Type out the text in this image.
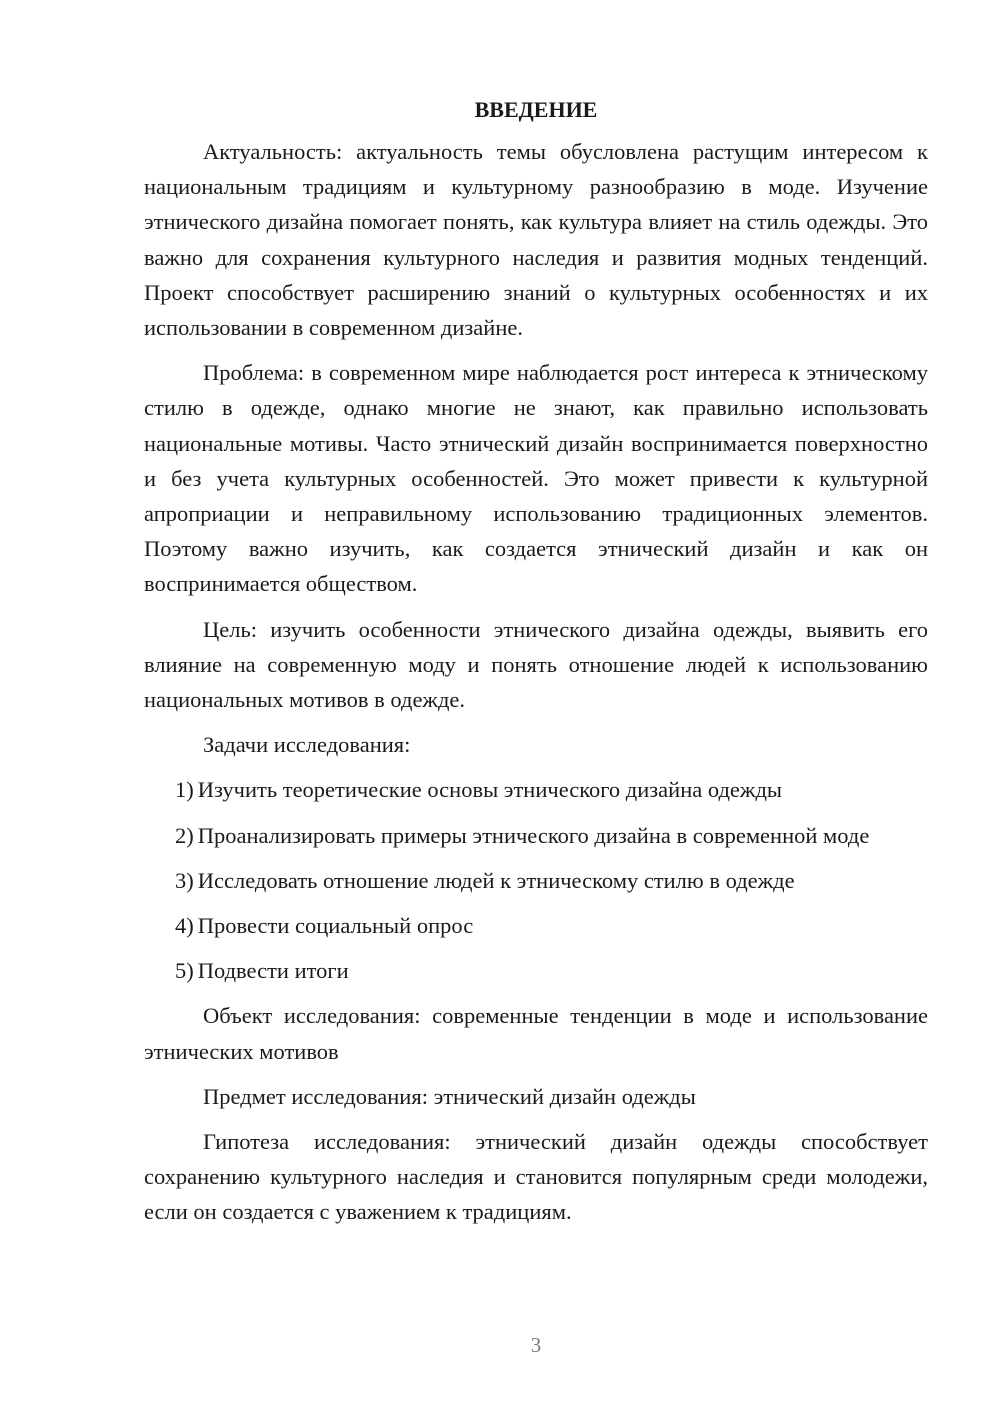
ВВЕДЕНИЕ

Актуальность: актуальность темы обусловлена растущим интересом к национальным традициям и культурному разнообразию в моде. Изучение этнического дизайна помогает понять, как культура влияет на стиль одежды. Это важно для сохранения культурного наследия и развития модных тенденций. Проект способствует расширению знаний о культурных особенностях и их использовании в современном дизайне.

Проблема: в современном мире наблюдается рост интереса к этническому стилю в одежде, однако многие не знают, как правильно использовать национальные мотивы. Часто этнический дизайн воспринимается поверхностно и без учета культурных особенностей. Это может привести к культурной апроприации и неправильному использованию традиционных элементов. Поэтому важно изучить, как создается этнический дизайн и как он воспринимается обществом.

Цель: изучить особенности этнического дизайна одежды, выявить его влияние на современную моду и понять отношение людей к использованию национальных мотивов в одежде.

Задачи исследования:

1) Изучить теоретические основы этнического дизайна одежды

2) Проанализировать примеры этнического дизайна в современной моде

3) Исследовать отношение людей к этническому стилю в одежде

4) Провести социальный опрос

5) Подвести итоги

Объект исследования: современные тенденции в моде и использование этнических мотивов

Предмет исследования: этнический дизайн одежды

Гипотеза исследования: этнический дизайн одежды способствует сохранению культурного наследия и становится популярным среди молодежи, если он создается с уважением к традициям.

3
